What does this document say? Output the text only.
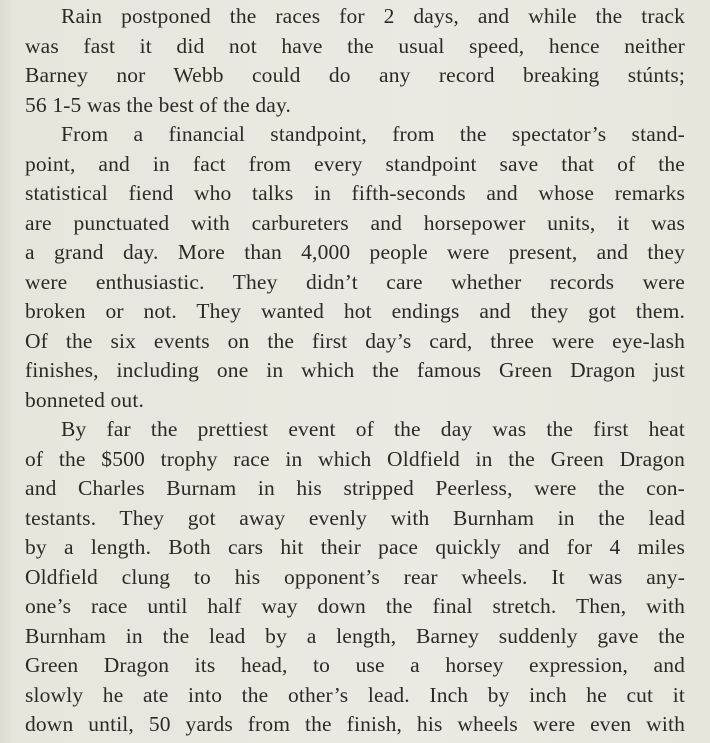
Rain postponed the races for 2 days, and while the track
was fast it did not have the usual speed, hence neither
Barney nor Webb could do any record breaking stúnts;
56 1-5 was the best of the day.
From a financial standpoint, from the spectator’s stand-
point, and in fact from every standpoint save that of the
statistical fiend who talks in fifth-seconds and whose remarks
are punctuated with carbureters and horsepower units, it was
a grand day. More than 4,000 people were present, and they
were enthusiastic. They didn’t care whether records were
broken or not. They wanted hot endings and they got them.
Of the six events on the first day’s card, three were eye-lash
finishes, including one in which the famous Green Dragon just
bonneted out.
By far the prettiest event of the day was the first heat
of the $500 trophy race in which Oldfield in the Green Dragon
and Charles Burnam in his stripped Peerless, were the con-
testants. They got away evenly with Burnham in the lead
by a length. Both cars hit their pace quickly and for 4 miles
Oldfield clung to his opponent’s rear wheels. It was any-
one’s race until half way down the final stretch. Then, with
Burnham in the lead by a length, Barney suddenly gave the
Green Dragon its head, to use a horsey expression, and
slowly he ate into the other’s lead. Inch by inch he cut it
down until, 50 yards from the finish, his wheels were even with
